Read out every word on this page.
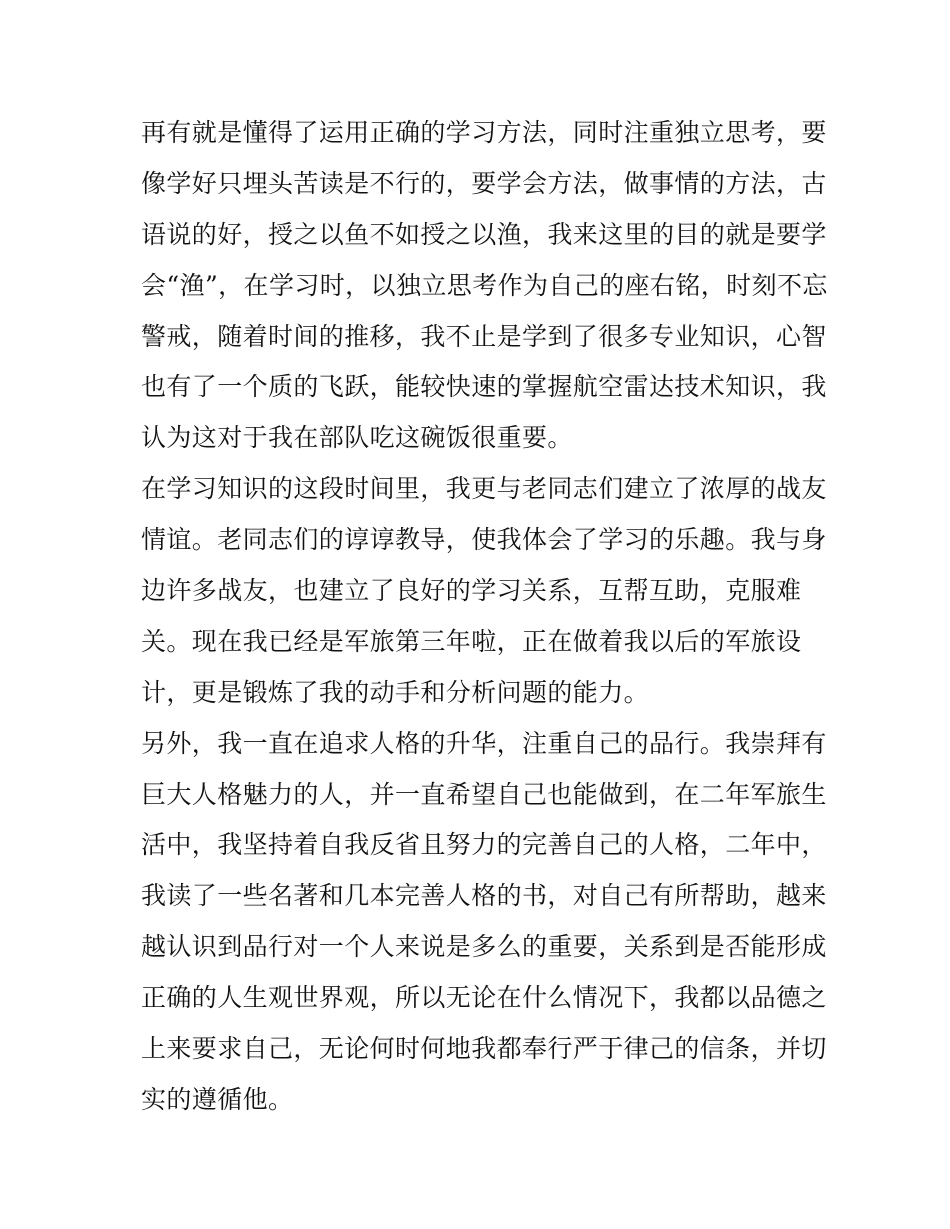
再有就是懂得了运用正确的学习方法，同时注重独立思考，要
像学好只埋头苦读是不行的，要学会方法，做事情的方法，古
语说的好，授之以鱼不如授之以渔，我来这里的目的就是要学
会“渔”，在学习时，以独立思考作为自己的座右铭，时刻不忘
警戒，随着时间的推移，我不止是学到了很多专业知识，心智
也有了一个质的飞跃，能较快速的掌握航空雷达技术知识，我
认为这对于我在部队吃这碗饭很重要。
在学习知识的这段时间里，我更与老同志们建立了浓厚的战友
情谊。老同志们的谆谆教导，使我体会了学习的乐趣。我与身
边许多战友，也建立了良好的学习关系，互帮互助，克服难
关。现在我已经是军旅第三年啦，正在做着我以后的军旅设
计，更是锻炼了我的动手和分析问题的能力。
另外，我一直在追求人格的升华，注重自己的品行。我崇拜有
巨大人格魅力的人，并一直希望自己也能做到，在二年军旅生
活中，我坚持着自我反省且努力的完善自己的人格，二年中，
我读了一些名著和几本完善人格的书，对自己有所帮助，越来
越认识到品行对一个人来说是多么的重要，关系到是否能形成
正确的人生观世界观，所以无论在什么情况下，我都以品德之
上来要求自己，无论何时何地我都奉行严于律己的信条，并切
实的遵循他。
